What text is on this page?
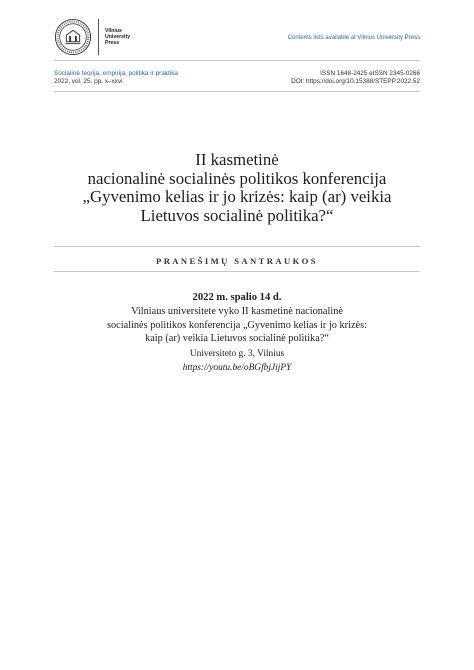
Vilnius
University
Press
Contents lists available at Vilnius University Press
Socialinė teorija, empirija, politika ir praktika
2022, vol. 25, pp. x–xxvi
ISSN 1648-2425 eISSN 2345-0266
DOI: https://doi.org/10.15388/STEPP.2022.52
II kasmetinė
nacionalinė socialinės politikos konferencija
„Gyvenimo kelias ir jo krizės: kaip (ar) veikia
Lietuvos socialinė politika?“
PRANEŠIMŲ SANTRAUKOS
2022 m. spalio 14 d.
Vilniaus universitete vyko II kasmetinė nacionalinė
socialinės politikos konferencija „Gyvenimo kelias ir jo krizės:
kaip (ar) veikia Lietuvos socialinė politika?“
Universiteto g. 3, Vilnius
https://youtu.be/oBGfbjJijPY
